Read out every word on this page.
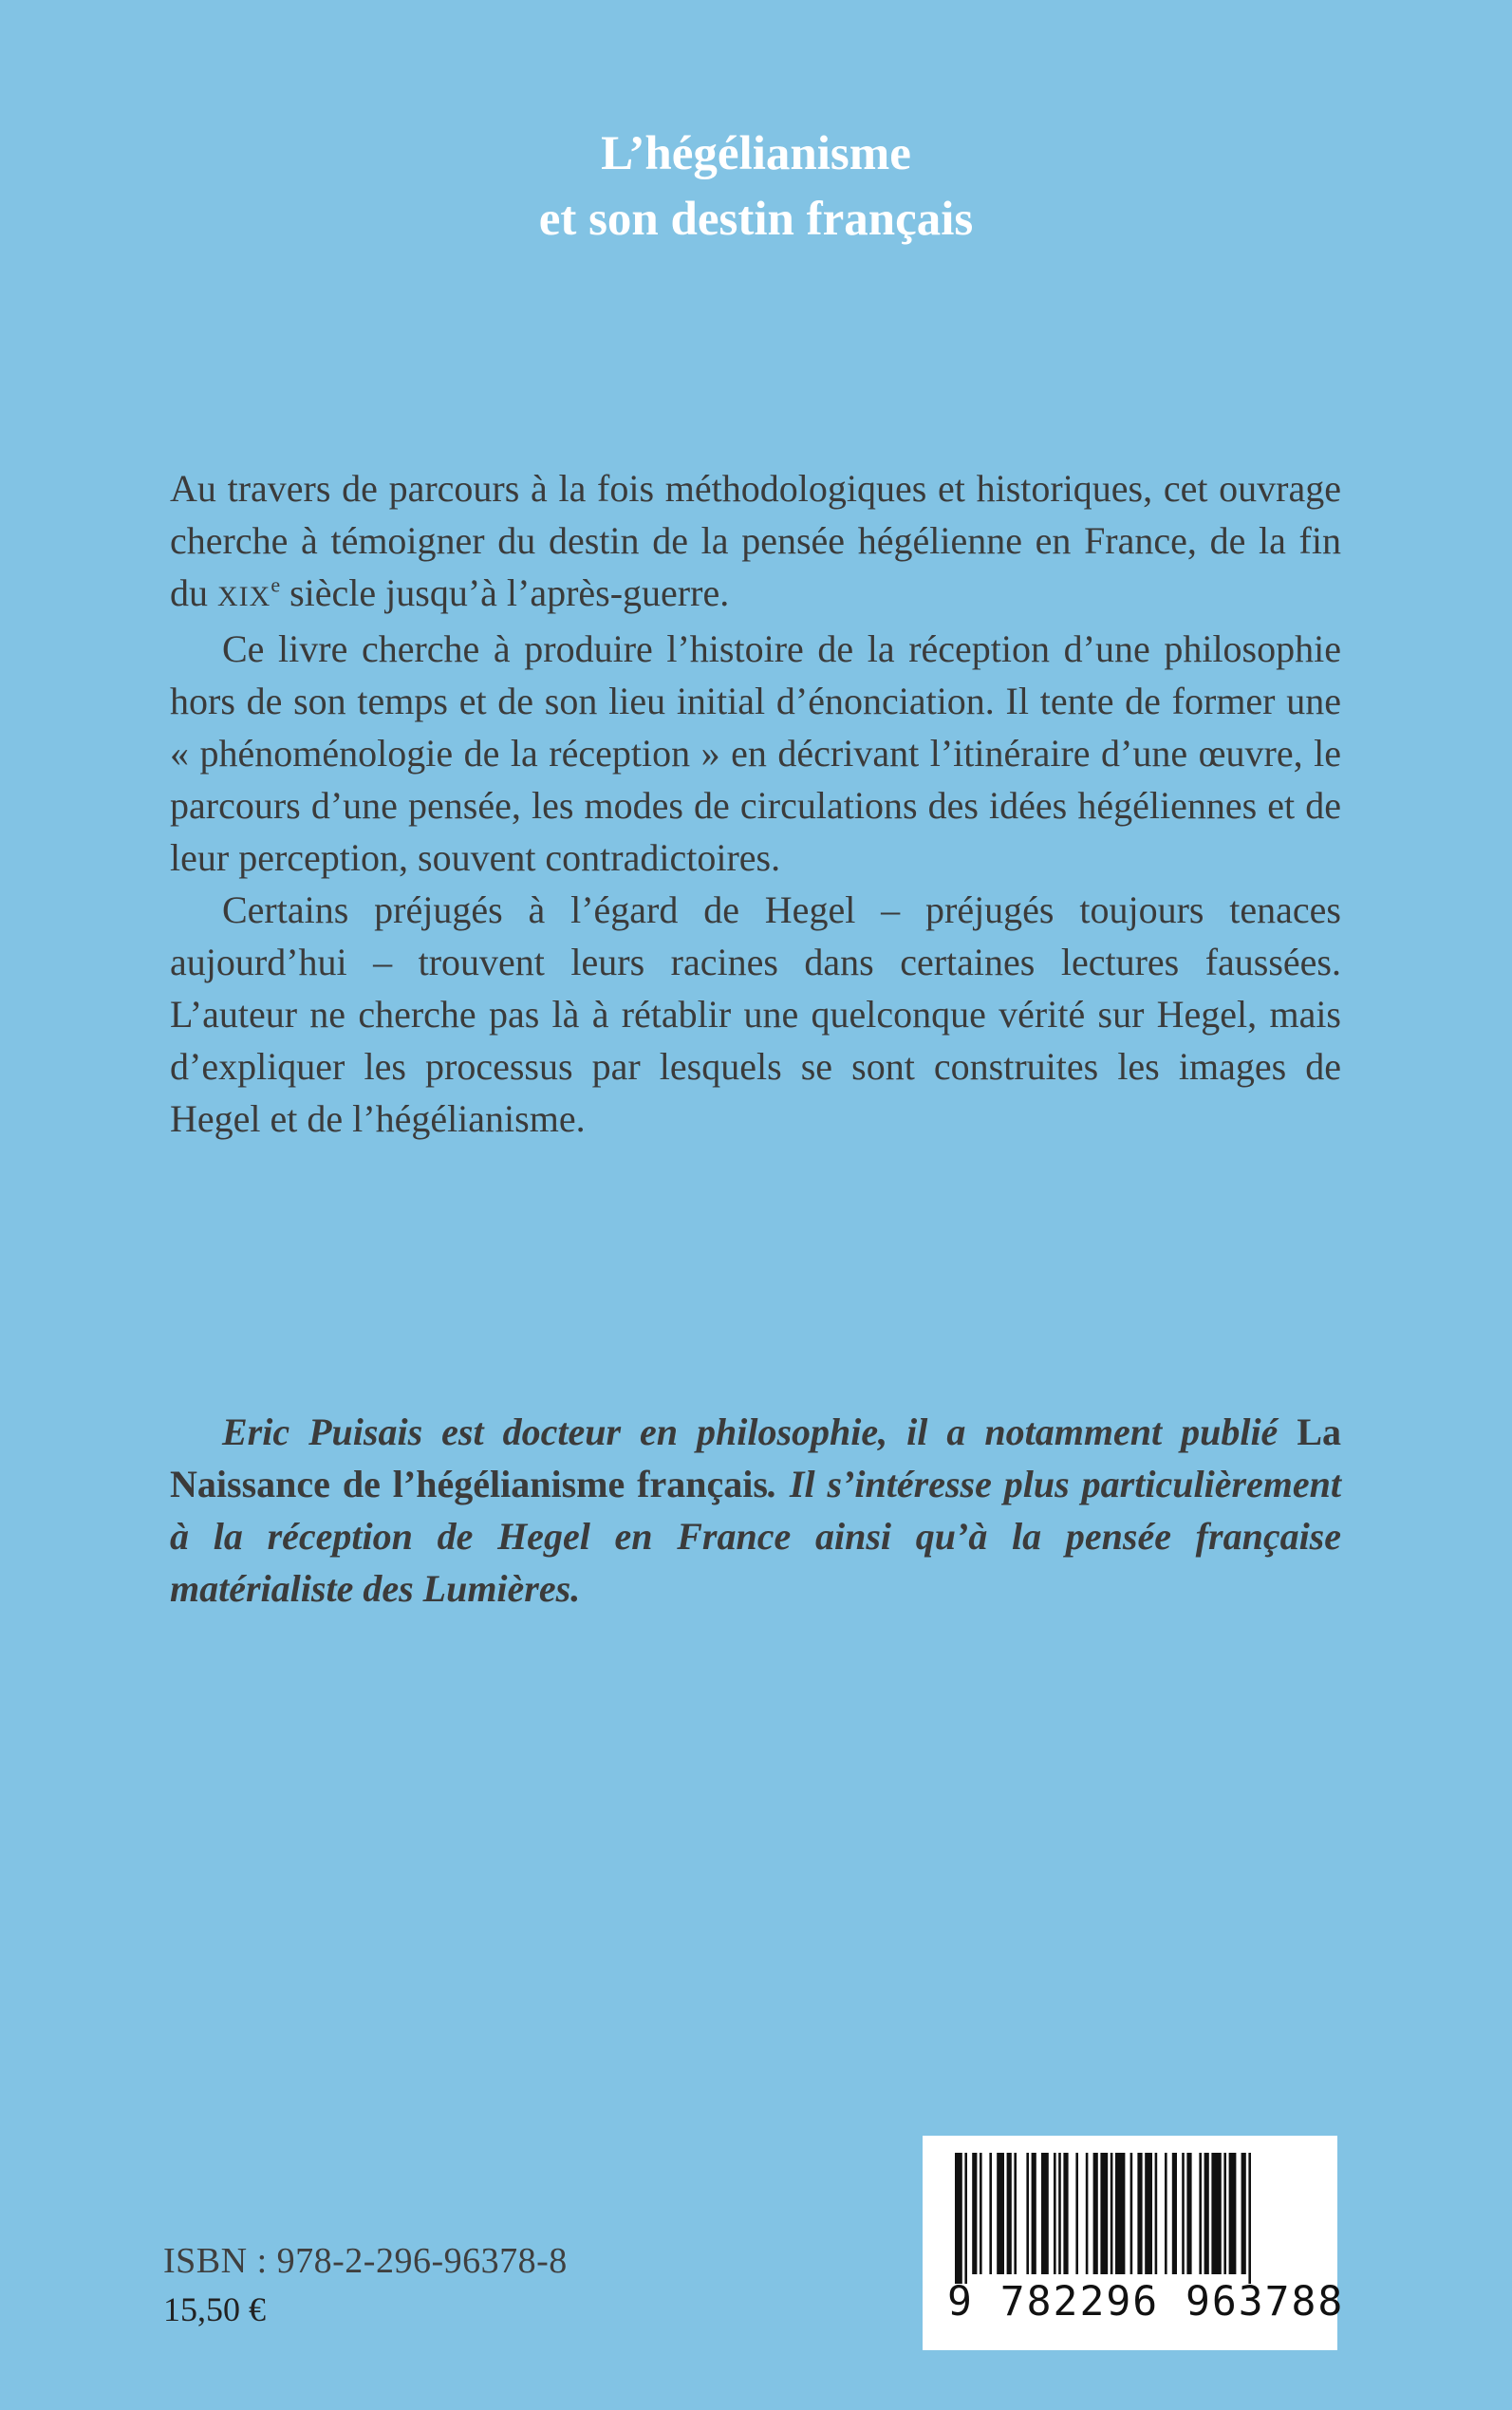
L’hégélianisme
et son destin français

Au travers de parcours à la fois méthodologiques et historiques, cet ouvrage cherche à témoigner du destin de la pensée hégélienne en France, de la fin du XIXe siècle jusqu’à l’après-guerre.

Ce livre cherche à produire l’histoire de la réception d’une philosophie hors de son temps et de son lieu initial d’énonciation. Il tente de former une « phénoménologie de la réception » en décrivant l’itinéraire d’une œuvre, le parcours d’une pensée, les modes de circulations des idées hégéliennes et de leur perception, souvent contradictoires.

Certains préjugés à l’égard de Hegel – préjugés toujours tenaces aujourd’hui – trouvent leurs racines dans certaines lectures faussées. L’auteur ne cherche pas là à rétablir une quelconque vérité sur Hegel, mais d’expliquer les processus par lesquels se sont construites les images de Hegel et de l’hégélianisme.

Eric Puisais est docteur en philosophie, il a notamment publié La Naissance de l’hégélianisme français. Il s’intéresse plus particulièrement à la réception de Hegel en France ainsi qu’à la pensée française matérialiste des Lumières.
ISBN : 978-2-296-96378-8
15,50 €	9 782296 963788
